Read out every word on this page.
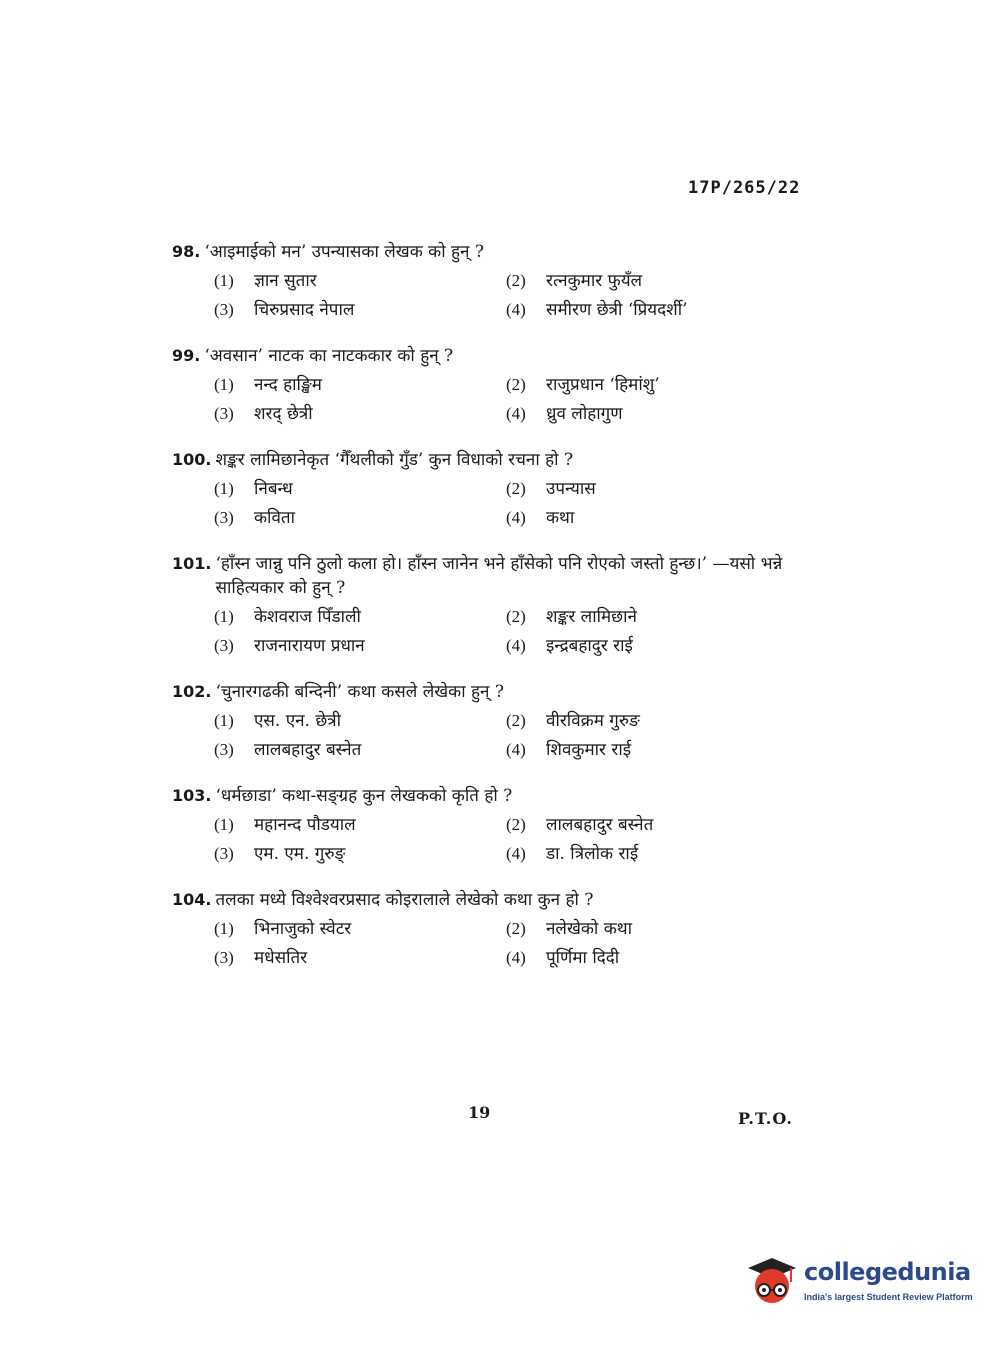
17P/265/22
98. ‘आइमाईको मन’ उपन्यासका लेखक को हुन् ?
(1)	ज्ञान सुतार	(2)	रत्नकुमार फुयँल
(3)	चिरुप्रसाद नेपाल	(4)	समीरण छेत्री ‘प्रियदर्शी’
99. ‘अवसान’ नाटक का नाटककार को हुन् ?
(1)	नन्द हाङ्खिम	(2)	राजुप्रधान ‘हिमांशु’
(3)	शरद् छेत्री	(4)	ध्रुव लोहागुण
100. शङ्कर लामिछानेकृत ‘गैँथलीको गुँड’ कुन विधाको रचना हो ?
(1)	निबन्ध	(2)	उपन्यास
(3)	कविता	(4)	कथा
101. ‘हाँस्न जान्नु पनि ठुलो कला हो। हाँस्न जानेन भने हाँसेको पनि रोएको जस्तो हुन्छ।’ —यसो भन्ने साहित्यकार को हुन् ?
(1)	केशवराज पिँडाली	(2)	शङ्कर लामिछाने
(3)	राजनारायण प्रधान	(4)	इन्द्रबहादुर राई
102. ‘चुनारगढकी बन्दिनी’ कथा कसले लेखेका हुन् ?
(1)	एस. एन. छेत्री	(2)	वीरविक्रम गुरुङ
(3)	लालबहादुर बस्नेत	(4)	शिवकुमार राई
103. ‘धर्मछाडा’ कथा-सङ्ग्रह कुन लेखकको कृति हो ?
(1)	महानन्द पौडयाल	(2)	लालबहादुर बस्नेत
(3)	एम. एम. गुरुङ्	(4)	डा. त्रिलोक राई
104. तलका मध्ये विश्वेश्वरप्रसाद कोइरालाले लेखेको कथा कुन हो ?
(1)	भिनाजुको स्वेटर	(2)	नलेखेको कथा
(3)	मधेसतिर	(4)	पूर्णिमा दिदी
19	P.T.O.
collegedunia
India's largest Student Review Platform
